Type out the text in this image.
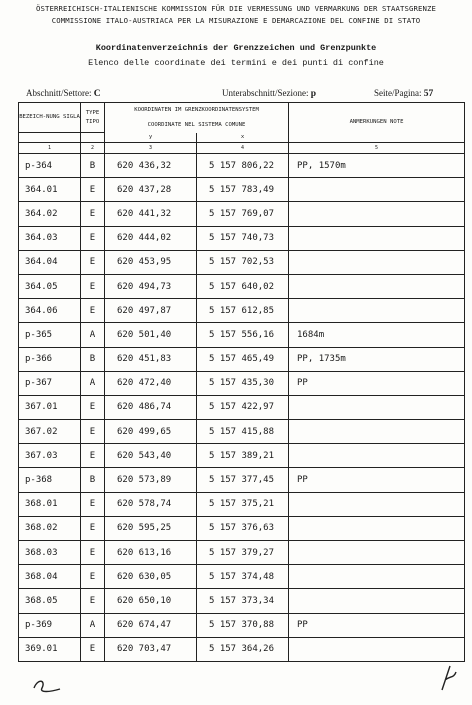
ÖSTERREICHISCH-ITALIENISCHE KOMMISSION FÜR DIE VERMESSUNG UND VERMARKUNG DER STAATSGRENZE
COMMISSIONE ITALO-AUSTRIACA PER LA MISURAZIONE E DEMARCAZIONE DEL CONFINE DI STATO
Koordinatenverzeichnis der Grenzzeichen und Grenzpunkte
Elenco delle coordinate dei termini e dei punti di confine
Abschnitt/Settore: C	Unterabschnitt/Sezione: p	Seite/Pagina: 57
BEZEICH-NUNG SIGLA	TYPE TIPO	KOORDINATEN IM GRENZKOORDINATENSYSTEM		ANMERKUNGEN NOTE
		COORDINATE NEL SISTEMA COMUNE		
		y	x	
1	2	3	4	5
p-364	B	620 436,32	5 157 806,22	PP, 1570m
364.01	E	620 437,28	5 157 783,49	
364.02	E	620 441,32	5 157 769,07	
364.03	E	620 444,02	5 157 740,73	
364.04	E	620 453,95	5 157 702,53	
364.05	E	620 494,73	5 157 640,02	
364.06	E	620 497,87	5 157 612,85	
p-365	A	620 501,40	5 157 556,16	1684m
p-366	B	620 451,83	5 157 465,49	PP, 1735m
p-367	A	620 472,40	5 157 435,30	PP
367.01	E	620 486,74	5 157 422,97	
367.02	E	620 499,65	5 157 415,88	
367.03	E	620 543,40	5 157 389,21	
p-368	B	620 573,89	5 157 377,45	PP
368.01	E	620 578,74	5 157 375,21	
368.02	E	620 595,25	5 157 376,63	
368.03	E	620 613,16	5 157 379,27	
368.04	E	620 630,05	5 157 374,48	
368.05	E	620 650,10	5 157 373,34	
p-369	A	620 674,47	5 157 370,88	PP
369.01	E	620 703,47	5 157 364,26	
